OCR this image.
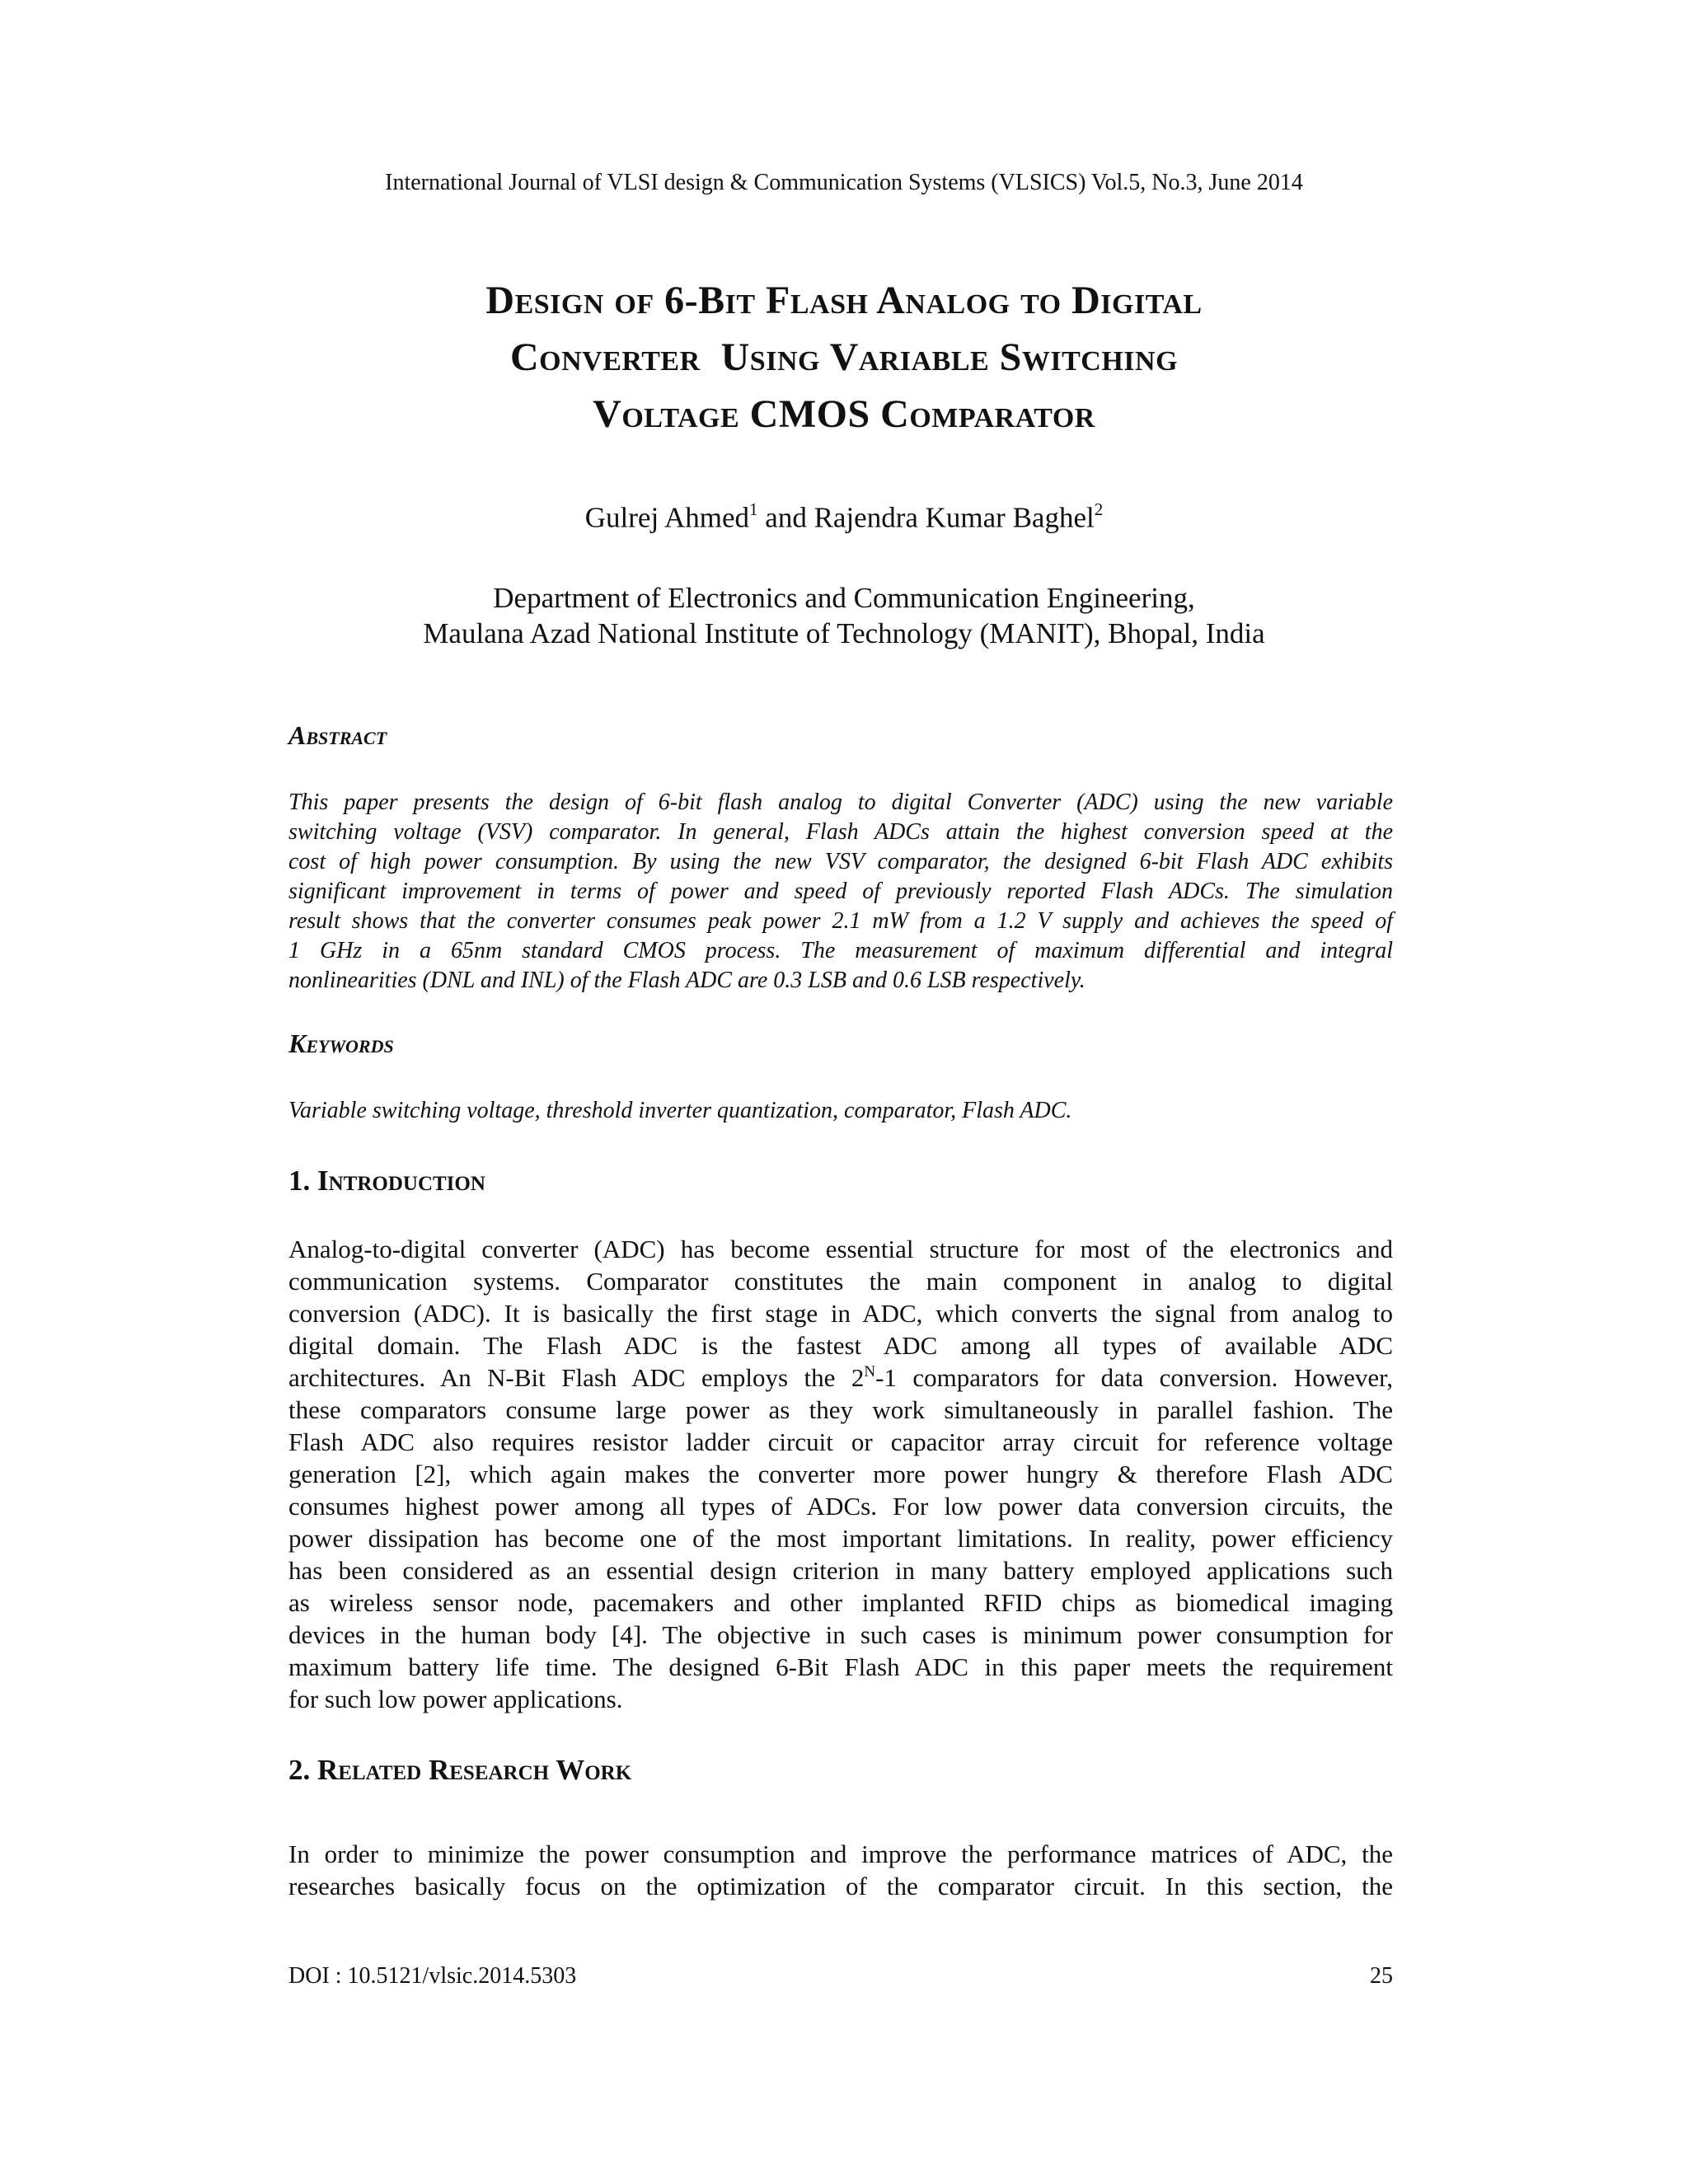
International Journal of VLSI design & Communication Systems (VLSICS) Vol.5, No.3, June 2014
Design of 6-Bit Flash Analog to Digital
Converter  Using Variable Switching
Voltage CMOS Comparator
Gulrej Ahmed$^1$ and Rajendra Kumar Baghel$^2$
Department of Electronics and Communication Engineering,
Maulana Azad National Institute of Technology (MANIT), Bhopal, India
Abstract
This paper presents the design of 6-bit flash analog to digital Converter (ADC) using the new variable
switching voltage (VSV) comparator. In general, Flash ADCs attain the highest conversion speed at the
cost of high power consumption. By using the new VSV comparator, the designed 6-bit Flash ADC exhibits
significant improvement in terms of power and speed of previously reported Flash ADCs. The simulation
result shows that the converter consumes peak power 2.1 mW from a 1.2 V supply and achieves the speed of
1 GHz in a 65nm standard CMOS process. The measurement of maximum differential and integral
nonlinearities (DNL and INL) of the Flash ADC are 0.3 LSB and 0.6 LSB respectively.
Keywords
Variable switching voltage, threshold inverter quantization, comparator, Flash ADC.
1. Introduction
Analog-to-digital converter (ADC) has become essential structure for most of the electronics and
communication systems. Comparator constitutes the main component in analog to digital
conversion (ADC). It is basically the first stage in ADC, which converts the signal from analog to
digital domain. The Flash ADC is the fastest ADC among all types of available ADC
architectures. An N-Bit Flash ADC employs the $2^N-1$ comparators for data conversion. However,
these comparators consume large power as they work simultaneously in parallel fashion. The
Flash ADC also requires resistor ladder circuit or capacitor array circuit for reference voltage
generation [2], which again makes the converter more power hungry & therefore Flash ADC
consumes highest power among all types of ADCs. For low power data conversion circuits, the
power dissipation has become one of the most important limitations. In reality, power efficiency
has been considered as an essential design criterion in many battery employed applications such
as wireless sensor node, pacemakers and other implanted RFID chips as biomedical imaging
devices in the human body [4]. The objective in such cases is minimum power consumption for
maximum battery life time. The designed 6-Bit Flash ADC in this paper meets the requirement
for such low power applications.
2. Related Research Work
In order to minimize the power consumption and improve the performance matrices of ADC, the
researches basically focus on the optimization of the comparator circuit. In this section, the
DOI : 10.5121/vlsic.2014.5303	25
